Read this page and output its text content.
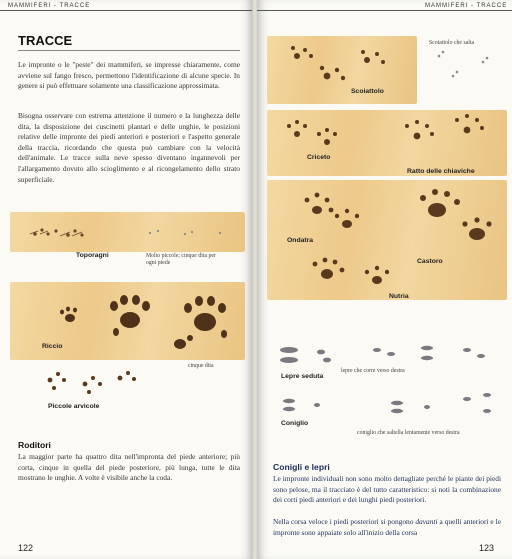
MAMMIFERI - TRACCE
TRACCE
Le impronte o le "peste" dei mammiferi, se impresse chiaramente, come avviene sul fango fresco, permettono l'identificazione di alcune specie. In genere si può effettuare solamente una classificazione approssimata.
Bisogna osservare con estrema attenzione il numero e la lunghezza delle dita, la disposizione dei cuscinetti plantari e delle unghie, le posizioni relative delle impronte dei piedi anteriori e posteriori e l'aspetto generale della traccia, ricordando che questa può cambiare con la velocità dell'animale. Le tracce sulla neve spesso diventano ingannevoli per l'allargamento dovuto allo scioglimento e al ricongelamento dello strato superficiale.
Toporagni	Molto piccole; cinque dita per ogni piede
Riccio
cinque dita
Piccole arvicole
Roditori
La maggior parte ha quattro dita nell'impronta del piede anteriore; più corta, cinque in quella del piede posteriore, più lunga, tutte le dita mostrano le unghie. A volte è visibile anche la coda.
122
MAMMIFERI - TRACCE
Scoiattolo che salta
Scoiattolo
Criceto
Ratto delle chiaviche
Ondatra
Castoro
Nutria
Lepre seduta
lepre che corre verso destra
Coniglio
coniglio che saltella lentamente verso destra
Conigli e lepri
Le impronte individuali non sono molto dettagliate perché le piante dei piedi sono pelose, ma il tracciato è del tutto caratteristico: si noti la combinazione dei corti piedi anteriori e dei lunghi piedi posteriori.
Nella corsa veloce i piedi posteriori si pongono davanti a quelli anteriori e le impronte sono appaiate solo all'inizio della corsa
123
